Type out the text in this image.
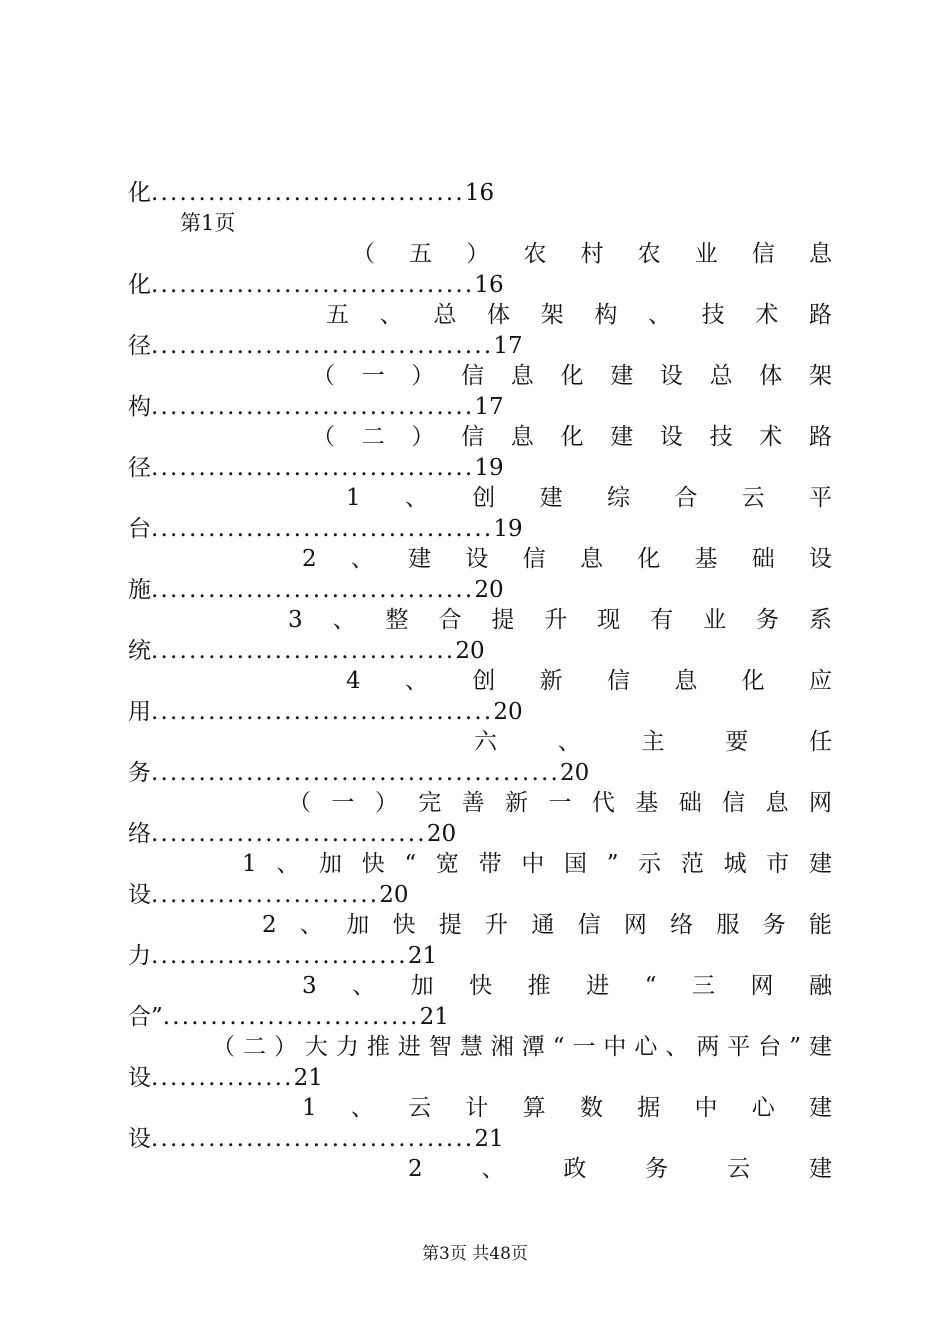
化.................................16
第1页
（五）农村农业信息
化..................................16
五、总体架构、技术路
径....................................17
（一）信息化建设总体架
构..................................17
（二）信息化建设技术路
径..................................19
1、创建综合云平
台....................................19
2、建设信息化基础设
施..................................20
3、整合提升现有业务系
统................................20
4、创新信息化应
用....................................20
六、主要任
务...........................................20
（一）完善新一代基础信息网
络.............................20
1、加快“宽带中国”示范城市建
设........................20
2、加快提升通信网络服务能
力...........................21
3、加快推进“三网融
合”...........................21
（二）大力推进智慧湘潭“一中心、两平台”建
设...............21
1、云计算数据中心建
设..................................21
2、政务云建
第3页 共48页
